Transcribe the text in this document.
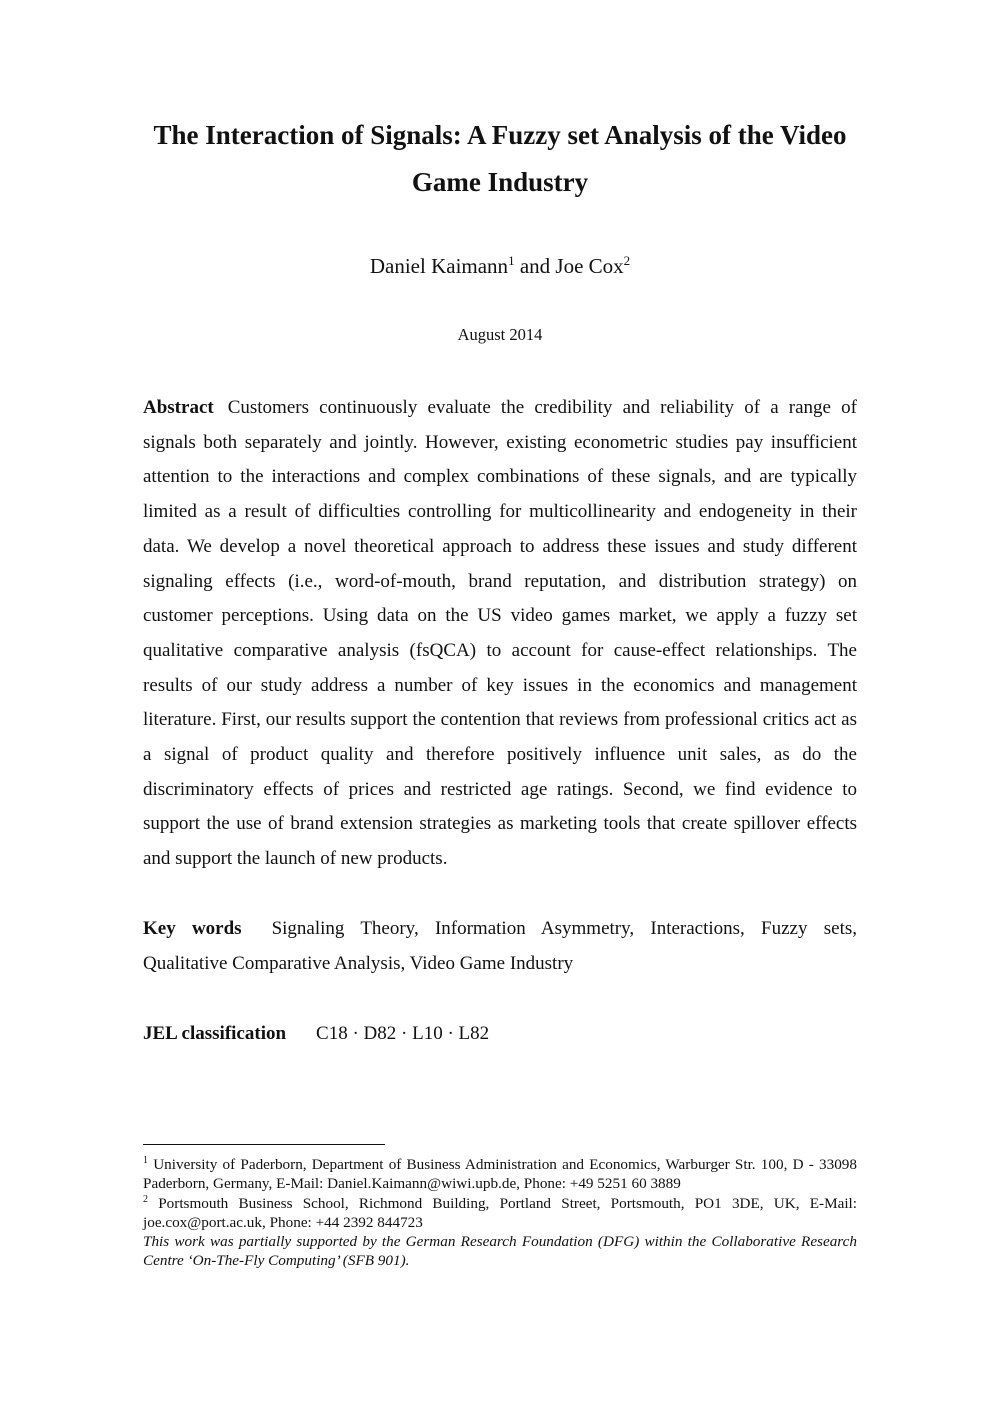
The Interaction of Signals: A Fuzzy set Analysis of the Video Game Industry

Daniel Kaimann$^1$ and Joe Cox$^2$

August 2014

Abstract Customers continuously evaluate the credibility and reliability of a range of signals both separately and jointly. However, existing econometric studies pay insufficient attention to the interactions and complex combinations of these signals, and are typically limited as a result of difficulties controlling for multicollinearity and endogeneity in their data. We develop a novel theoretical approach to address these issues and study different signaling effects (i.e., word-of-mouth, brand reputation, and distribution strategy) on customer perceptions. Using data on the US video games market, we apply a fuzzy set qualitative comparative analysis (fsQCA) to account for cause-effect relationships. The results of our study address a number of key issues in the economics and management literature. First, our results support the contention that reviews from professional critics act as a signal of product quality and therefore positively influence unit sales, as do the discriminatory effects of prices and restricted age ratings. Second, we find evidence to support the use of brand extension strategies as marketing tools that create spillover effects and support the launch of new products.

Key words Signaling Theory, Information Asymmetry, Interactions, Fuzzy sets, Qualitative Comparative Analysis, Video Game Industry

JEL classification C18 · D82 · L10 · L82

$^1$ University of Paderborn, Department of Business Administration and Economics, Warburger Str. 100, D - 33098 Paderborn, Germany, E-Mail: Daniel.Kaimann@wiwi.upb.de, Phone: +49 5251 60 3889

$^2$ Portsmouth Business School, Richmond Building, Portland Street, Portsmouth, PO1 3DE, UK, E-Mail: joe.cox@port.ac.uk, Phone: +44 2392 844723

This work was partially supported by the German Research Foundation (DFG) within the Collaborative Research Centre ‘On-The-Fly Computing’ (SFB 901).
